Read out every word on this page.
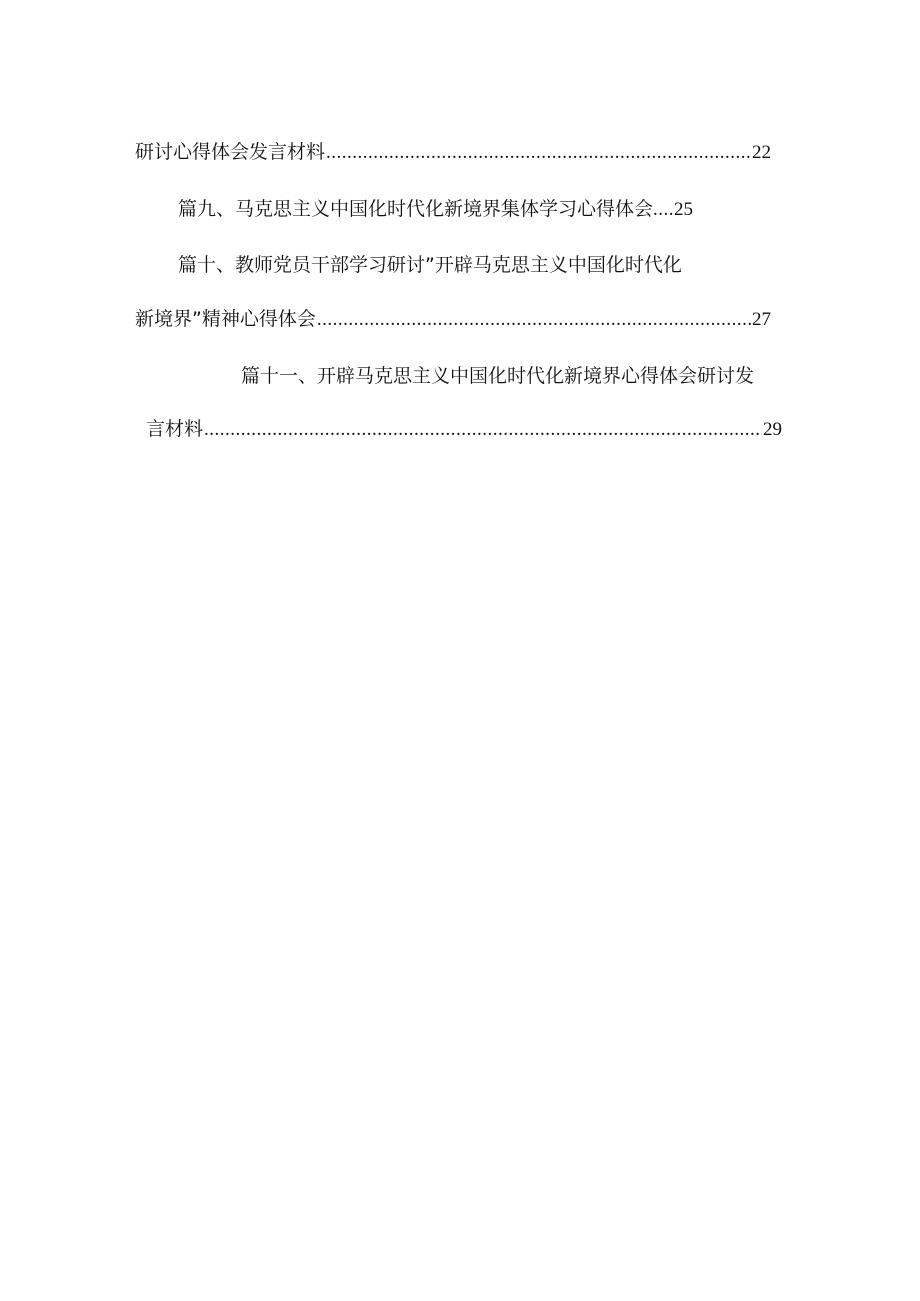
研讨心得体会发言材料 .....	22
篇九、马克思主义中国化时代化新境界集体学习心得体会 .... 25
篇十、教师党员干部学习研讨”开辟马克思主义中国化时代化
新境界”精神心得体会 .....	27
篇十一、开辟马克思主义中国化时代化新境界心得体会研讨发
言材料 .....	29
